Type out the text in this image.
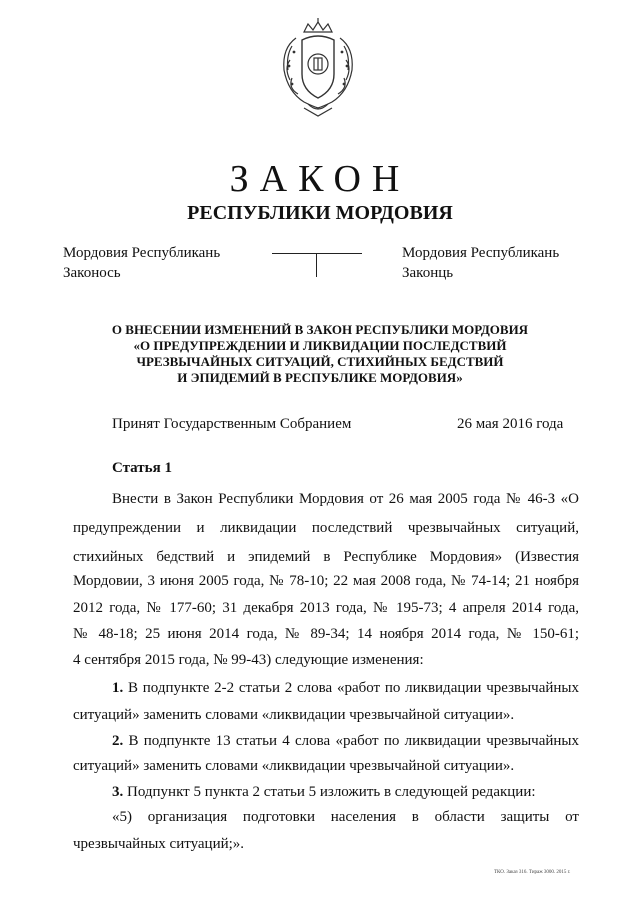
ЗАКОН
РЕСПУБЛИКИ МОРДОВИЯ
Мордовия Республикань
Законось
Мордовия Республикань
Законць
О ВНЕСЕНИИ ИЗМЕНЕНИЙ В ЗАКОН РЕСПУБЛИКИ МОРДОВИЯ
«О ПРЕДУПРЕЖДЕНИИ И ЛИКВИДАЦИИ ПОСЛЕДСТВИЙ
ЧРЕЗВЫЧАЙНЫХ СИТУАЦИЙ, СТИХИЙНЫХ БЕДСТВИЙ
И ЭПИДЕМИЙ В РЕСПУБЛИКЕ МОРДОВИЯ»
Принят Государственным Собранием	26 мая 2016 года
Статья 1
Внести в Закон Республики Мордовия от 26 мая 2005 года № 46-З «О
предупреждении и ликвидации последствий чрезвычайных ситуаций,
стихийных бедствий и эпидемий в Республике Мордовия» (Известия
Мордовии, 3 июня 2005 года, № 78-10; 22 мая 2008 года, № 74-14; 21 ноября
2012 года, № 177-60; 31 декабря 2013 года, № 195-73; 4 апреля 2014 года,
№ 48-18; 25 июня 2014 года, № 89-34; 14 ноября 2014 года, № 150-61;
4 сентября 2015 года, № 99-43) следующие изменения:
1. В подпункте 2-2 статьи 2 слова «работ по ликвидации чрезвычайных
ситуаций» заменить словами «ликвидации чрезвычайной ситуации».
2. В подпункте 13 статьи 4 слова «работ по ликвидации чрезвычайных
ситуаций» заменить словами «ликвидации чрезвычайной ситуации».
3. Подпункт 5 пункта 2 статьи 5 изложить в следующей редакции:
«5) организация подготовки населения в области защиты от
чрезвычайных ситуаций;».
ТКО. Заказ 316. Тираж 3000. 2015 г.
